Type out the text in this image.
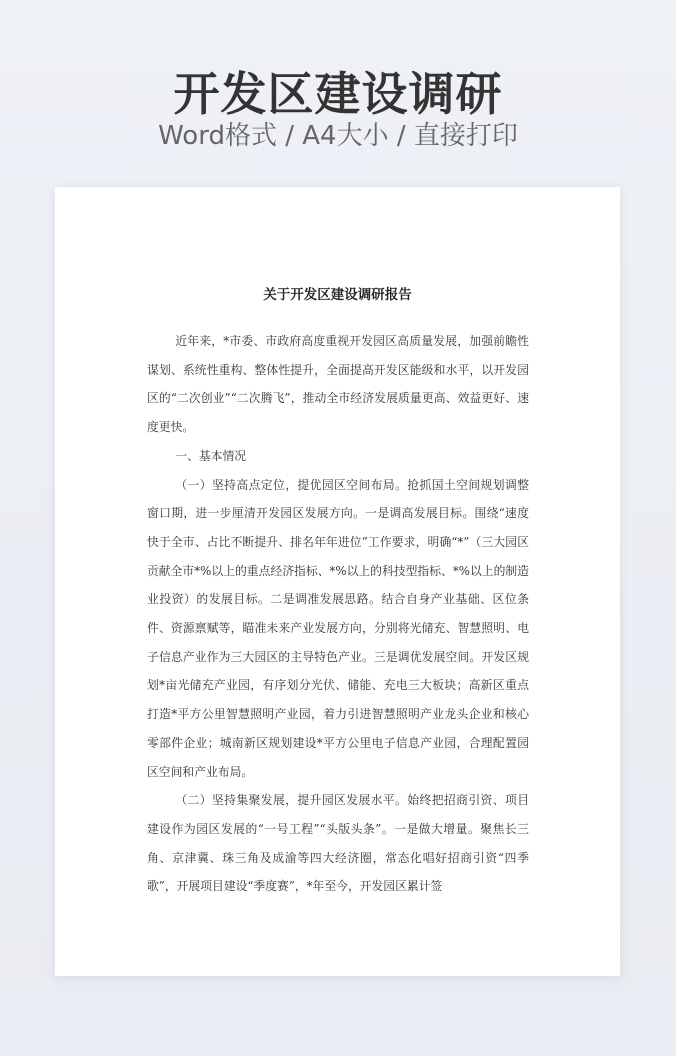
开发区建设调研
Word格式 / A4大小 / 直接打印
关于开发区建设调研报告

近年来，*市委、市政府高度重视开发园区高质量发展，加强前瞻性谋划、系统性重构、整体性提升，全面提高开发区能级和水平，以开发园区的“二次创业”“二次腾飞”，推动全市经济发展质量更高、效益更好、速度更快。

一、基本情况

（一）坚持高点定位，提优园区空间布局。抢抓国土空间规划调整窗口期，进一步厘清开发园区发展方向。一是调高发展目标。围绕“速度快于全市、占比不断提升、排名年年进位”工作要求，明确“*”（三大园区贡献全市*%以上的重点经济指标、*%以上的科技型指标、*%以上的制造业投资）的发展目标。二是调准发展思路。结合自身产业基础、区位条件、资源禀赋等，瞄准未来产业发展方向，分别将光储充、智慧照明、电子信息产业作为三大园区的主导特色产业。三是调优发展空间。开发区规划*亩光储充产业园，有序划分光伏、储能、充电三大板块；高新区重点打造*平方公里智慧照明产业园，着力引进智慧照明产业龙头企业和核心零部件企业；城南新区规划建设*平方公里电子信息产业园，合理配置园区空间和产业布局。

（二）坚持集聚发展，提升园区发展水平。始终把招商引资、项目建设作为园区发展的“一号工程”“头版头条”。一是做大增量。聚焦长三角、京津冀、珠三角及成渝等四大经济圈，常态化唱好招商引资“四季歌”，开展项目建设“季度赛”，*年至今，开发园区累计签
